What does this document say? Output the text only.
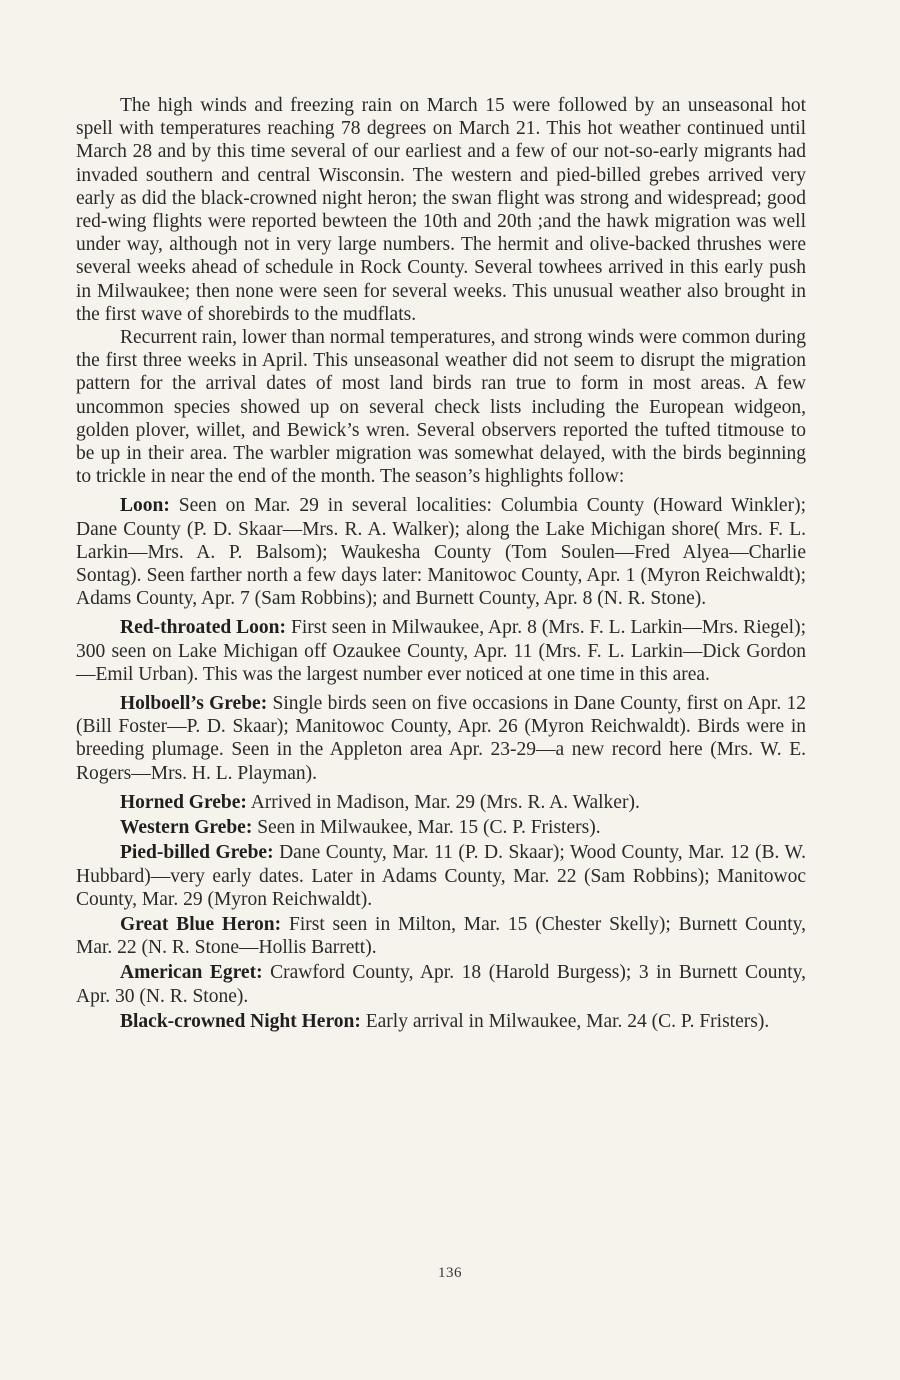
The high winds and freezing rain on March 15 were followed by an unseasonal hot spell with temperatures reaching 78 degrees on March 21. This hot weather continued until March 28 and by this time several of our earliest and a few of our not-so-early migrants had invaded southern and central Wisconsin. The western and pied-billed grebes arrived very early as did the black-crowned night heron; the swan flight was strong and widespread; good red-wing flights were reported bewteen the 10th and 20th ;and the hawk migration was well under way, although not in very large numbers. The hermit and olive-backed thrushes were several weeks ahead of schedule in Rock County. Several towhees arrived in this early push in Milwaukee; then none were seen for several weeks. This unusual weather also brought in the first wave of shorebirds to the mudflats.

Recurrent rain, lower than normal temperatures, and strong winds were common during the first three weeks in April. This unseasonal weather did not seem to disrupt the migration pattern for the arrival dates of most land birds ran true to form in most areas. A few uncommon species showed up on several check lists including the European widgeon, golden plover, willet, and Bewick’s wren. Several observers reported the tufted titmouse to be up in their area. The warbler migration was somewhat delayed, with the birds beginning to trickle in near the end of the month. The season’s highlights follow:

Loon: Seen on Mar. 29 in several localities: Columbia County (Howard Winkler); Dane County (P. D. Skaar—Mrs. R. A. Walker); along the Lake Michigan shore( Mrs. F. L. Larkin—Mrs. A. P. Balsom); Waukesha County (Tom Soulen—Fred Alyea—Charlie Sontag). Seen farther north a few days later: Manitowoc County, Apr. 1 (Myron Reichwaldt); Adams County, Apr. 7 (Sam Robbins); and Burnett County, Apr. 8 (N. R. Stone).

Red-throated Loon: First seen in Milwaukee, Apr. 8 (Mrs. F. L. Larkin—Mrs. Riegel); 300 seen on Lake Michigan off Ozaukee County, Apr. 11 (Mrs. F. L. Larkin—Dick Gordon—Emil Urban). This was the largest number ever noticed at one time in this area.

Holboell’s Grebe: Single birds seen on five occasions in Dane County, first on Apr. 12 (Bill Foster—P. D. Skaar); Manitowoc County, Apr. 26 (Myron Reichwaldt). Birds were in breeding plumage. Seen in the Appleton area Apr. 23-29—a new record here (Mrs. W. E. Rogers—Mrs. H. L. Playman).

Horned Grebe: Arrived in Madison, Mar. 29 (Mrs. R. A. Walker).

Western Grebe: Seen in Milwaukee, Mar. 15 (C. P. Fristers).

Pied-billed Grebe: Dane County, Mar. 11 (P. D. Skaar); Wood County, Mar. 12 (B. W. Hubbard)—very early dates. Later in Adams County, Mar. 22 (Sam Robbins); Manitowoc County, Mar. 29 (Myron Reichwaldt).

Great Blue Heron: First seen in Milton, Mar. 15 (Chester Skelly); Burnett County, Mar. 22 (N. R. Stone—Hollis Barrett).

American Egret: Crawford County, Apr. 18 (Harold Burgess); 3 in Burnett County, Apr. 30 (N. R. Stone).

Black-crowned Night Heron: Early arrival in Milwaukee, Mar. 24 (C. P. Fristers).

136
